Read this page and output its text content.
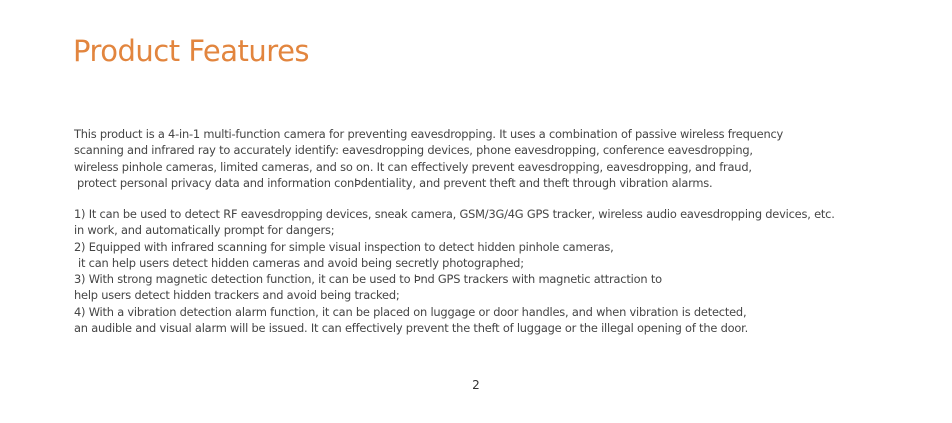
Product Features

This product is a 4-in-1 multi-function camera for preventing eavesdropping. It uses a combination of passive wireless frequency
scanning and infrared ray to accurately identify: eavesdropping devices, phone eavesdropping, conference eavesdropping,
wireless pinhole cameras, limited cameras, and so on. It can effectively prevent eavesdropping, eavesdropping, and fraud,
protect personal privacy data and information conÞdentiality, and prevent theft and theft through vibration alarms.

1) It can be used to detect RF eavesdropping devices, sneak camera, GSM/3G/4G GPS tracker, wireless audio eavesdropping devices, etc.
in work, and automatically prompt for dangers;
2) Equipped with infrared scanning for simple visual inspection to detect hidden pinhole cameras,
it can help users detect hidden cameras and avoid being secretly photographed;
3) With strong magnetic detection function, it can be used to Þnd GPS trackers with magnetic attraction to
help users detect hidden trackers and avoid being tracked;
4) With a vibration detection alarm function, it can be placed on luggage or door handles, and when vibration is detected,
an audible and visual alarm will be issued. It can effectively prevent the theft of luggage or the illegal opening of the door.

2
